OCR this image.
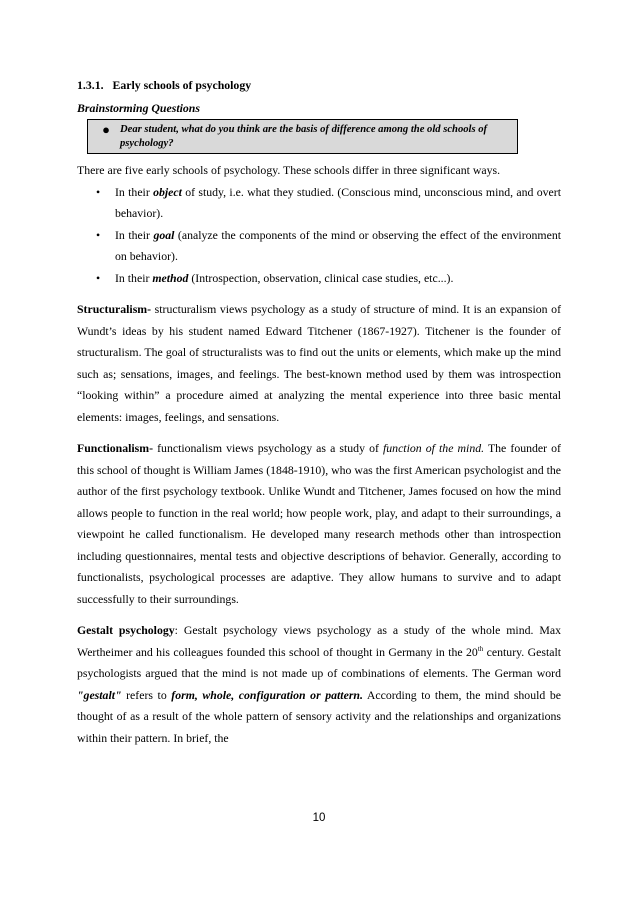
1.3.1. Early schools of psychology
Brainstorming Questions
● Dear student, what do you think are the basis of difference among the old schools of psychology?

There are five early schools of psychology. These schools differ in three significant ways.

• In their object of study, i.e. what they studied. (Conscious mind, unconscious mind, and overt behavior).
• In their goal (analyze the components of the mind or observing the effect of the environment on behavior).
• In their method (Introspection, observation, clinical case studies, etc...).

Structuralism- structuralism views psychology as a study of structure of mind. It is an expansion of Wundt’s ideas by his student named Edward Titchener (1867-1927). Titchener is the founder of structuralism. The goal of structuralists was to find out the units or elements, which make up the mind such as; sensations, images, and feelings. The best-known method used by them was introspection “looking within” a procedure aimed at analyzing the mental experience into three basic mental elements: images, feelings, and sensations.

Functionalism- functionalism views psychology as a study of function of the mind. The founder of this school of thought is William James (1848-1910), who was the first American psychologist and the author of the first psychology textbook. Unlike Wundt and Titchener, James focused on how the mind allows people to function in the real world; how people work, play, and adapt to their surroundings, a viewpoint he called functionalism. He developed many research methods other than introspection including questionnaires, mental tests and objective descriptions of behavior. Generally, according to functionalists, psychological processes are adaptive. They allow humans to survive and to adapt successfully to their surroundings.

Gestalt psychology: Gestalt psychology views psychology as a study of the whole mind. Max Wertheimer and his colleagues founded this school of thought in Germany in the 20th century. Gestalt psychologists argued that the mind is not made up of combinations of elements. The German word "gestalt" refers to form, whole, configuration or pattern. According to them, the mind should be thought of as a result of the whole pattern of sensory activity and the relationships and organizations within their pattern. In brief, the

10
